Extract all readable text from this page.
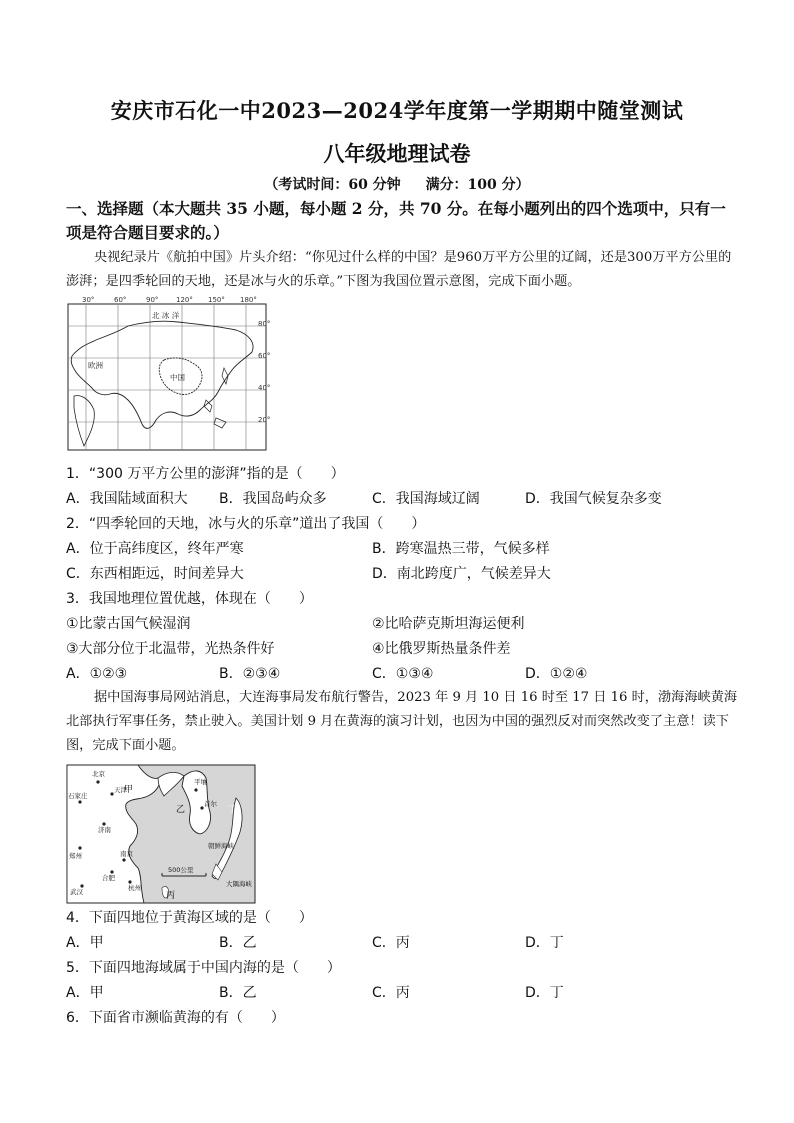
安庆市石化一中2023—2024学年度第一学期期中随堂测试
八年级地理试卷
（考试时间：60 分钟 满分：100 分）
一、选择题（本大题共 35 小题，每小题 2 分，共 70 分。在每小题列出的四个选项中，只有一项是符合题目要求的。）
央视纪录片《航拍中国》片头介绍：“你见过什么样的中国？是960万平方公里的辽阔，还是300万平方公里的澎湃；是四季轮回的天地，还是冰与火的乐章。”下图为我国位置示意图，完成下面小题。
30°	60°	90°	120° 150° 180°
80°
60°
40°
20°
北 冰 洋
欧洲
中国
1．“300 万平方公里的澎湃”指的是（　　）
A．我国陆域面积大 B．我国岛屿众多	C．我国海域辽阔	D．我国气候复杂多变
2．“四季轮回的天地，冰与火的乐章”道出了我国（　　）
A．位于高纬度区，终年严寒	B．跨寒温热三带，气候多样
C．东西相距远，时间差异大	D．南北跨度广，气候差异大
3．我国地理位置优越，体现在（　　）
①比蒙古国气候湿润	②比哈萨克斯坦海运便利
③大部分位于北温带，光热条件好	④比俄罗斯热量条件差
A．①②③	B．②③④	C．①③④	D．①②④
据中国海事局网站消息，大连海事局发布航行警告，2023 年 9 月 10 日 16 时至 17 日 16 时，渤海海峡黄海北部执行军事任务，禁止驶入。美国计划 9 月在黄海的演习计划，也因为中国的强烈反对而突然改变了主意！读下图，完成下面小题。
北京
天津
石家庄
甲
济南
郑州	南京
合肥
武汉	杭州
乙
平壤
首尔
丁
丙
朝鲜海峡
大隅海峡
500公里
4．下面四地位于黄海区域的是（　　）
A．甲	B．乙	C．丙	D．丁
5．下面四地海域属于中国内海的是（　　）
A．甲	B．乙	C．丙	D．丁
6．下面省市濒临黄海的有（　　）
